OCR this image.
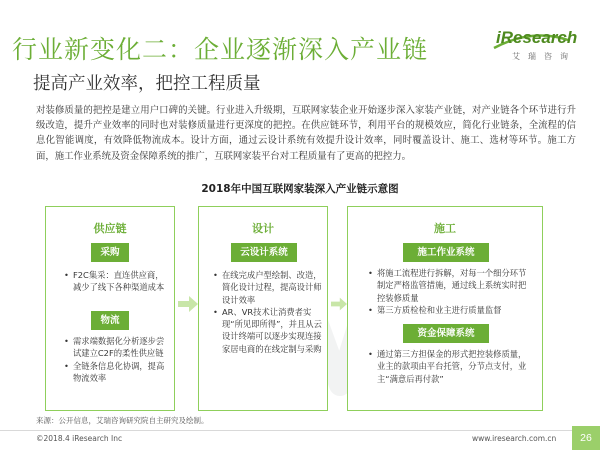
行业新变化二：企业逐渐深入产业链
提高产业效率，把控工程质量
iResearch
艾瑞咨询

对装修质量的把控是建立用户口碑的关键。行业进入升级期，互联网家装企业开始逐步深入家装产业链，对产业链各个环节进行升级改造，提升产业效率的同时也对装修质量进行更深度的把控。在供应链环节，利用平台的规模效应，简化行业链条，全流程的信息化智能调度，有效降低物流成本。设计方面，通过云设计系统有效提升设计效率，同时覆盖设计、施工、选材等环节。施工方面，施工作业系统及资金保障系统的推广，互联网家装平台对工程质量有了更高的把控力。

2018年中国互联网家装深入产业链示意图
供应链
采购
• F2C集采：直连供应商，减少了线下各种渠道成本
物流
• 需求端数据化分析逐步尝试建立C2F的柔性供应链
• 全链条信息化协调，提高物流效率
设计
云设计系统
• 在线完成户型绘制、改造，简化设计过程，提高设计师设计效率
• AR、VR技术让消费者实现“所见即所得”，并且从云设计终端可以逐步实现连接家居电商的在线定制与采购
施工
施工作业系统
• 将施工流程进行拆解，对每一个细分环节制定严格监管措施，通过线上系统实时把控装修质量
• 第三方质检检和业主进行质量监督
资金保障系统
• 通过第三方担保金的形式把控装修质量，业主的款项由平台托管，分节点支付，业主“满意后再付款”
来源：公开信息，艾瑞咨询研究院自主研究及绘制。
©2018.4 iResearch Inc	www.iresearch.com.cn	26
